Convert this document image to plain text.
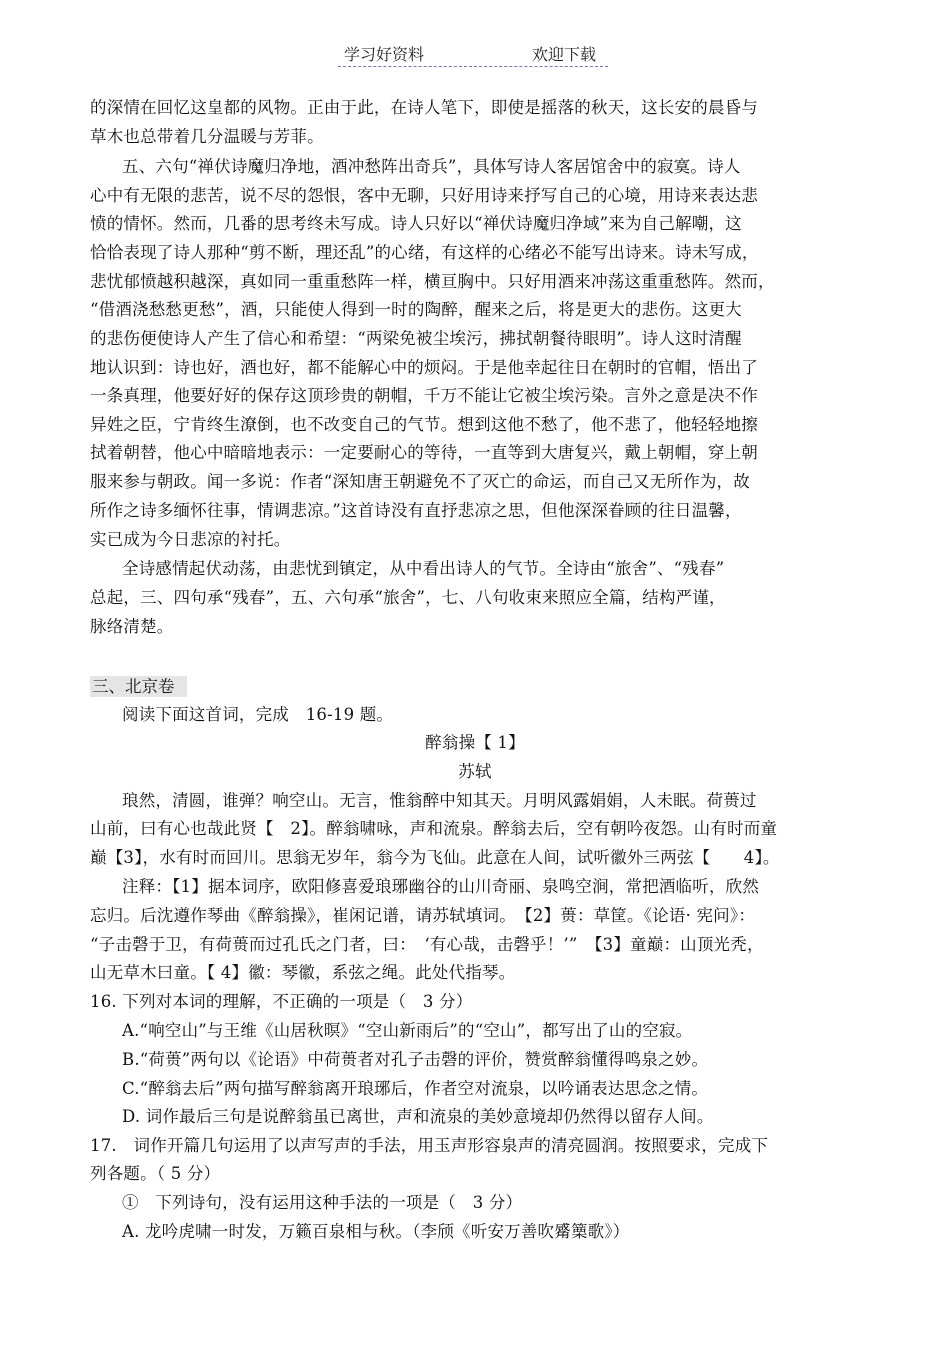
学习好资料	欢迎下载
的深情在回忆这皇都的风物。正由于此，在诗人笔下，即使是摇落的秋天，这长安的晨昏与
草木也总带着几分温暖与芳菲。
五、六句“禅伏诗魔归净地，酒冲愁阵出奇兵”，具体写诗人客居馆舍中的寂寞。诗人
心中有无限的悲苦，说不尽的怨恨，客中无聊，只好用诗来抒写自己的心境，用诗来表达悲
愤的情怀。然而，几番的思考终未写成。诗人只好以“禅伏诗魔归净域”来为自己解嘲，这
恰恰表现了诗人那种“剪不断，理还乱”的心绪，有这样的心绪必不能写出诗来。诗未写成，
悲忧郁愤越积越深，真如同一重重愁阵一样，横亘胸中。只好用酒来冲荡这重重愁阵。然而，
“借酒浇愁愁更愁”，酒，只能使人得到一时的陶醉，醒来之后，将是更大的悲伤。这更大
的悲伤便使诗人产生了信心和希望：“两梁免被尘埃污，拂拭朝餐待眼明”。诗人这时清醒
地认识到：诗也好，酒也好，都不能解心中的烦闷。于是他幸起往日在朝时的官帽，悟出了
一条真理，他要好好的保存这顶珍贵的朝帽，千万不能让它被尘埃污染。言外之意是决不作
异姓之臣，宁肯终生潦倒，也不改变自己的气节。想到这他不愁了，他不悲了，他轻轻地擦
拭着朝替，他心中暗暗地表示：一定要耐心的等待，一直等到大唐复兴，戴上朝帽，穿上朝
服来参与朝政。闻一多说：作者“深知唐王朝避免不了灭亡的命运，而自己又无所作为，故
所作之诗多缅怀往事，情调悲凉。”这首诗没有直抒悲凉之思，但他深深眷顾的往日温馨，
实已成为今日悲凉的衬托。
全诗感情起伏动荡，由悲忧到镇定，从中看出诗人的气节。全诗由“旅舍”、“残春”
总起，三、四句承“残春”，五、六句承“旅舍”，七、八句收束来照应全篇，结构严谨，
脉络清楚。
三、北京卷
阅读下面这首词，完成　16-19 题。
醉翁操【 1】
苏轼
琅然，清圆，谁弹？响空山。无言，惟翁醉中知其天。月明风露娟娟，人未眠。荷蒉过
山前，曰有心也哉此贤【　2】。醉翁啸咏，声和流泉。醉翁去后，空有朝吟夜怨。山有时而童
巅【3】，水有时而回川。思翁无岁年，翁今为飞仙。此意在人间，试听徽外三两弦【　　4】。
注释：【1】据本词序，欧阳修喜爱琅琊幽谷的山川奇丽、泉鸣空涧，常把酒临听，欣然
忘归。后沈遵作琴曲《醉翁操》，崔闲记谱，请苏轼填词。　【2】蒉：草筐。《论语· 宪问》：
“子击磬于卫，有荷蒉而过孔氏之门者，曰：　‘有心哉，击磬乎！’”　【3】童巅：山顶光秃，
山无草木曰童。【 4】徽：琴徽，系弦之绳。此处代指琴。
16. 下列对本词的理解，不正确的一项是（　3 分）
A.“响空山”与王维《山居秋暝》“空山新雨后”的“空山”，都写出了山的空寂。
B.“荷蒉”两句以《论语》中荷蒉者对孔子击磬的评价，赞赏醉翁懂得鸣泉之妙。
C.“醉翁去后”两句描写醉翁离开琅琊后，作者空对流泉，以吟诵表达思念之情。
D. 词作最后三句是说醉翁虽已离世，声和流泉的美妙意境却仍然得以留存人间。
17.　词作开篇几句运用了以声写声的手法，用玉声形容泉声的清亮圆润。按照要求，完成下
列各题。（ 5 分）
①　下列诗句，没有运用这种手法的一项是（　3 分）
A. 龙吟虎啸一时发，万籁百泉相与秋。（李颀《听安万善吹觱篥歌》）
